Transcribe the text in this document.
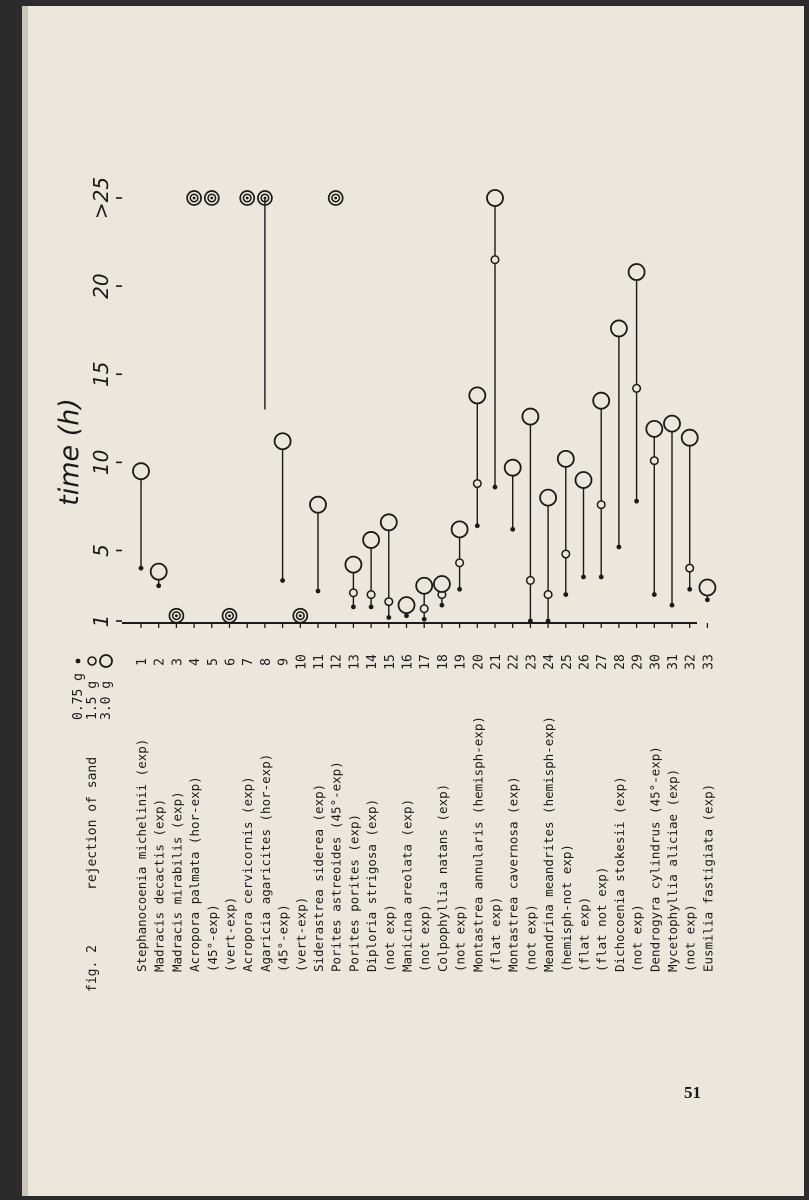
1
5
10
15
20
>25
time (h)
fig. 2
rejection of sand
0.75 g 1.5 g 3.0 g
1
Stephanocoenia michelinii (exp)
2
Madracis decactis (exp)
3
Madracis mirabilis (exp)
4
Acropora palmata (hor-exp)
5
(45°-exp)
6
(vert-exp)
7
Acropora cervicornis (exp)
8
Agaricia agaricites (hor-exp)
9
(45°-exp)
10
(vert-exp)
11
Siderastrea siderea (exp)
12
Porites astreoides (45°-exp)
13
Porites porites (exp)
14
Diploria strigosa (exp)
15
(not exp)
16
Manicina areolata (exp)
17
(not exp)
18
Colpophyllia natans (exp)
19
(not exp)
20
Montastrea annularis (hemisph-exp)
21
(flat exp)
22
Montastrea cavernosa (exp)
23
(not exp)
24
Meandrina meandrites (hemisph-exp)
25
(hemisph-not exp)
26
(flat exp)
27
(flat not exp)
28
Dichocoenia stokesii (exp)
29
(not exp)
30
Dendrogyra cylindrus (45°-exp)
31
Mycetophyllia aliciae (exp)
32
(not exp)
33
Eusmilia fastigiata (exp)
51
